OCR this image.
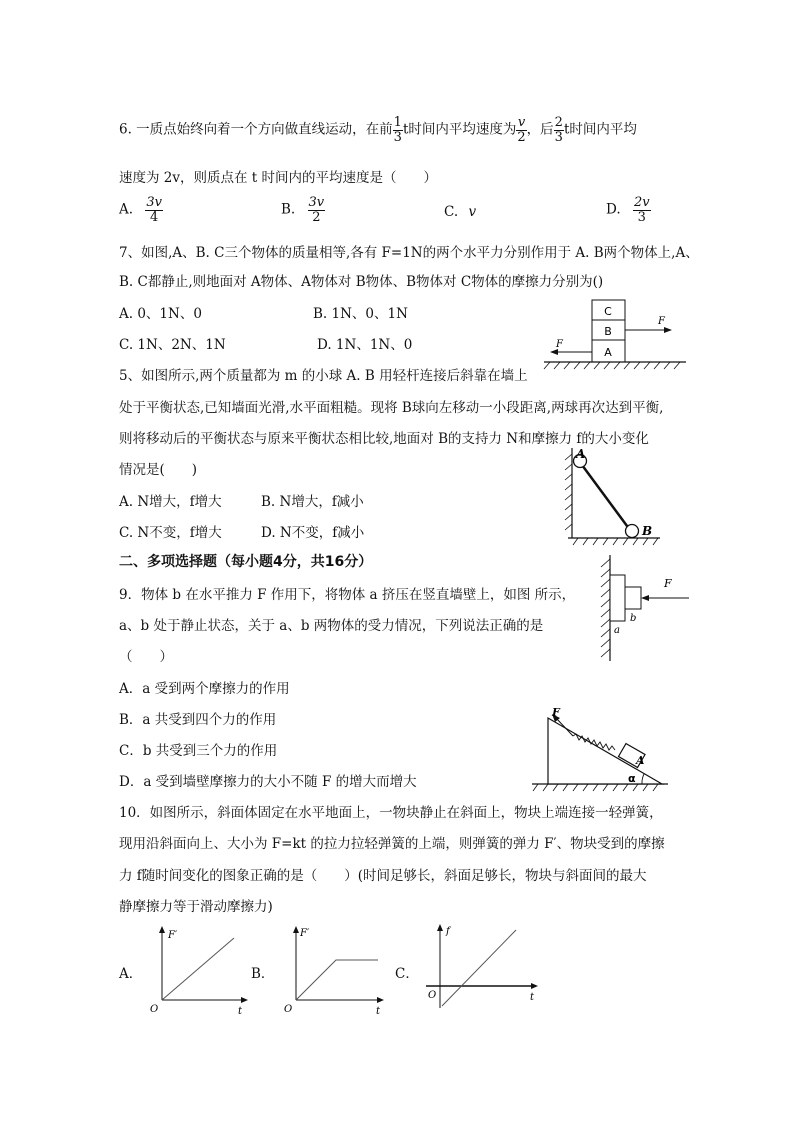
6. 一质点始终向着一个方向做直线运动，在前 $\frac{1}{3}$ t时间内平均速度为 $\frac{v}{2}$ ，后 $\frac{2}{3}$ t时间内平均
速度为 2v，则质点在 t 时间内的平均速度是（　　）
A. $\frac{3v}{4}$	B. $\frac{3v}{2}$	C. v	D. $\frac{2v}{3}$
7、如图,A、B. C三个物体的质量相等,各有 F=1N的两个水平力分别作用于 A. B两个物体上,A、
B. C都静止,则地面对 A物体、A物体对 B物体、B物体对 C物体的摩擦力分别为()
A. 0、1N、0	B. 1N、0、1N
C. 1N、2N、1N	D. 1N、1N、0
C
B
A
F
F
5、如图所示,两个质量都为 m 的小球 A. B 用轻杆连接后斜靠在墙上
处于平衡状态,已知墙面光滑,水平面粗糙。现将 B球向左移动一小段距离,两球再次达到平衡,
则将移动后的平衡状态与原来平衡状态相比较,地面对 B的支持力 N和摩擦力 f的大小变化
情况是(　　)
A. N增大，f增大	B. N增大，f减小
C. N不变，f增大	D. N不变，f减小
A
B
二、多项选择题（每小题4分，共16分）
9．物体 b 在水平推力 F 作用下，将物体 a 挤压在竖直墙壁上，如图 所示，
a、b 处于静止状态，关于 a、b 两物体的受力情况，下列说法正确的是
（　　）
A．a 受到两个摩擦力的作用
B．a 共受到四个力的作用
C．b 共受到三个力的作用
D．a 受到墙壁摩擦力的大小不随 F 的增大而增大
F
a
b
F
A
α
10．如图所示，斜面体固定在水平地面上，一物块静止在斜面上，物块上端连接一轻弹簧，
现用沿斜面向上、大小为 F=kt 的拉力拉轻弹簧的上端，则弹簧的弹力 F′、物块受到的摩擦
力 f随时间变化的图象正确的是（　　）(时间足够长，斜面足够长，物块与斜面间的最大
静摩擦力等于滑动摩擦力)
A．	B．	C．
F′
t
O
F′
t
O
f
t
O
